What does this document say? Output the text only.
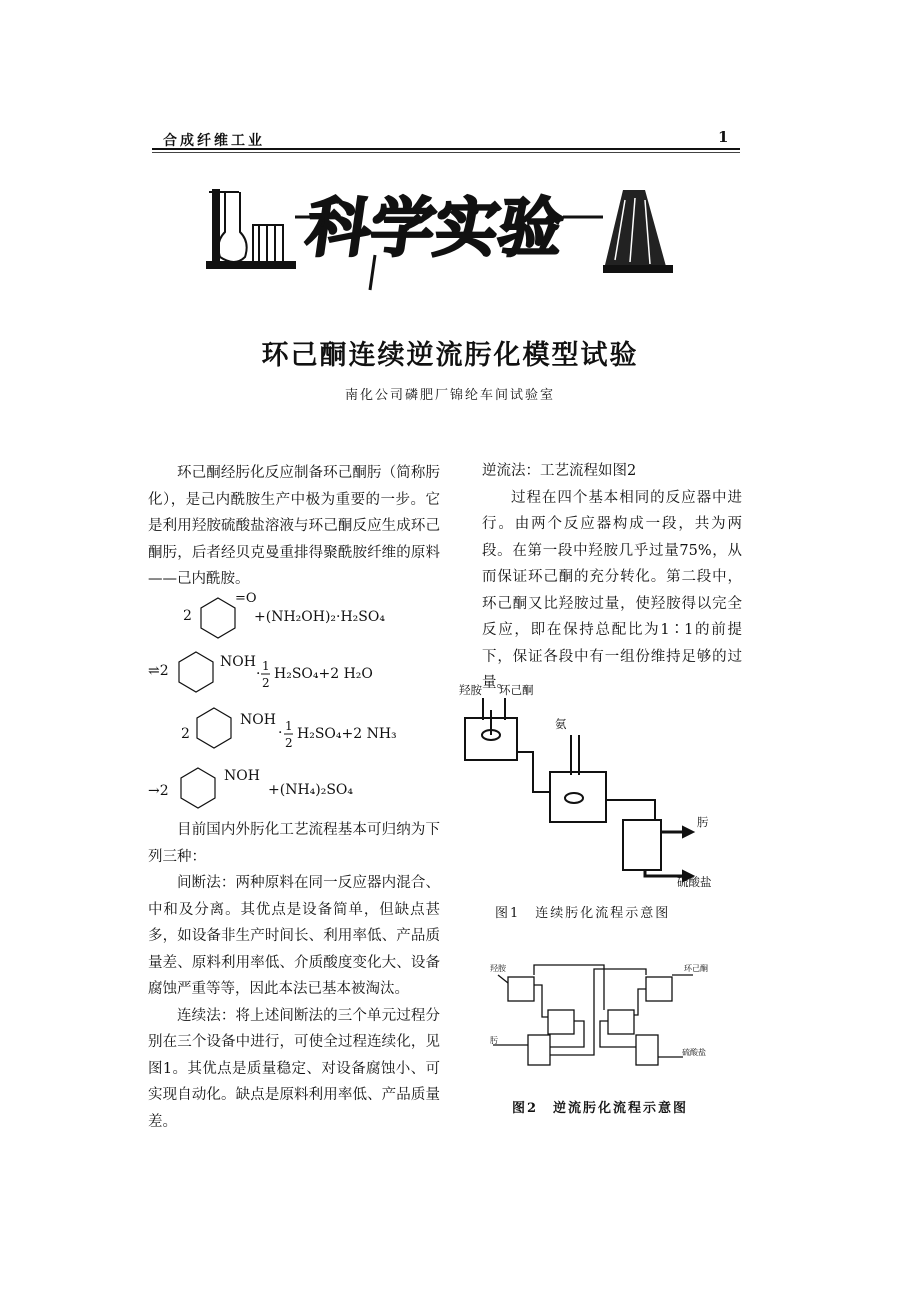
合成纤维工业	1
科学实验
环己酮连续逆流肟化模型试验
南化公司磷肥厂锦纶车间试验室

环己酮经肟化反应制备环己酮肟（简称肟化），是己内酰胺生产中极为重要的一步。它是利用羟胺硫酸盐溶液与环己酮反应生成环己酮肟，后者经贝克曼重排得聚酰胺纤维的原料——己内酰胺。

2
=O
+(NH₂OH)₂·H₂SO₄
⇌2
NOH
· 1
2
H₂SO₄+2 H₂O
2
NOH
· 1
2
H₂SO₄+2 NH₃
→2
NOH
+(NH₄)₂SO₄

目前国内外肟化工艺流程基本可归纳为下列三种：

间断法：两种原料在同一反应器内混合、中和及分离。其优点是设备简单，但缺点甚多，如设备非生产时间长、利用率低、产品质量差、原料利用率低、介质酸度变化大、设备腐蚀严重等等，因此本法已基本被淘汰。

连续法：将上述间断法的三个单元过程分别在三个设备中进行，可使全过程连续化，见图1。其优点是质量稳定、对设备腐蚀小、可实现自动化。缺点是原料利用率低、产品质量差。

逆流法：工艺流程如图2

过程在四个基本相同的反应器中进行。由两个反应器构成一段，共为两段。在第一段中羟胺几乎过量75%，从而保证环己酮的充分转化。第二段中，环己酮又比羟胺过量，使羟胺得以完全反应，即在保持总配比为1∶1的前提下，保证各段中有一组份维持足够的过量。

羟胺 环己酮
氨
肟
硫酸盐
图1　连续肟化流程示意图
羟胺	环己酮
肟
硫酸盐
图2　逆流肟化流程示意图
